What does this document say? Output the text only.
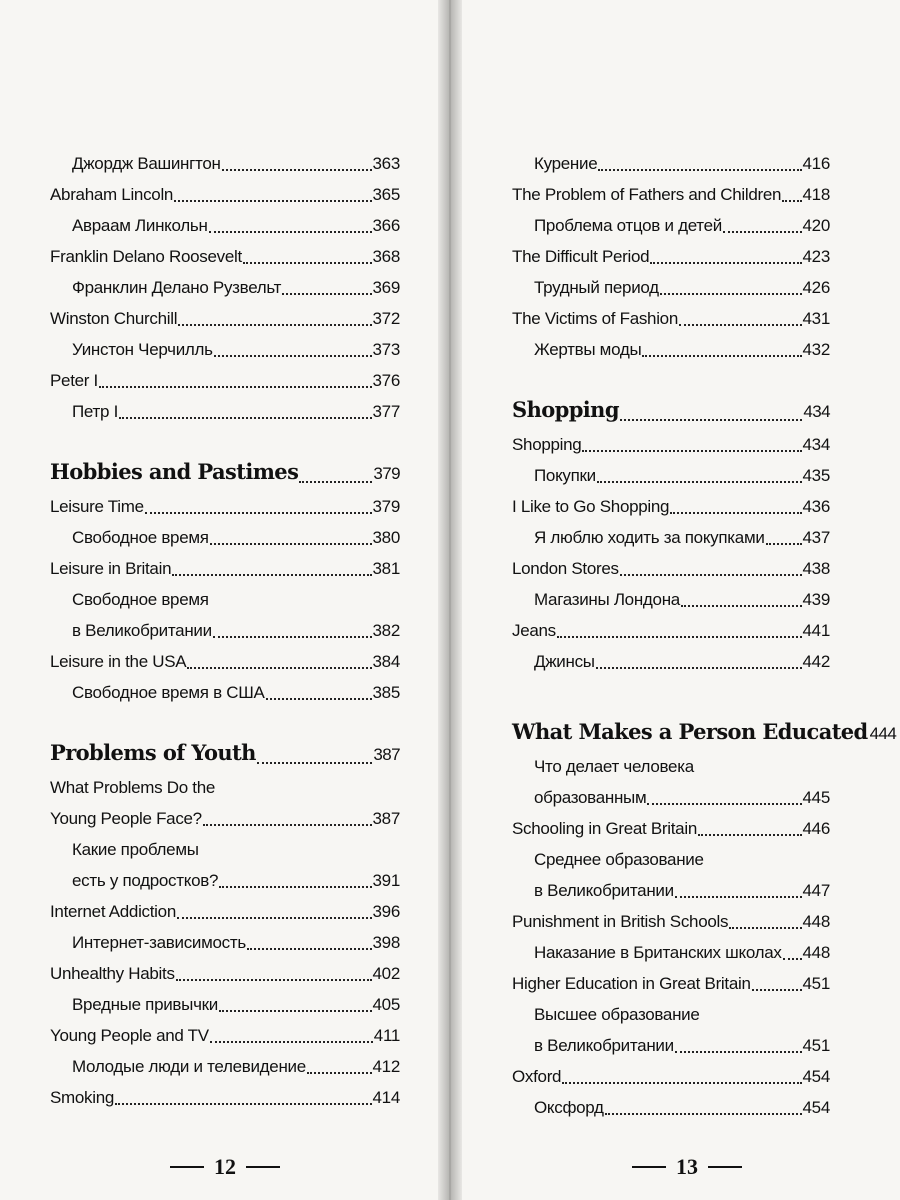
Джордж Вашингтон	363
Abraham Lincoln	365
Авраам Линкольн	366
Franklin Delano Roosevelt	368
Франклин Делано Рузвельт	369
Winston Churchill	372
Уинстон Черчилль	373
Peter I	376
Петр I	377
Hobbies and Pastimes	379
Leisure Time	379
Свободное время	380
Leisure in Britain	381
Свободное время
в Великобритании	382
Leisure in the USA	384
Свободное время в США	385
Problems of Youth	387
What Problems Do the
Young People Face?	387
Какие проблемы
есть у подростков?	391
Internet Addiction	396
Интернет-зависимость	398
Unhealthy Habits	402
Вредные привычки	405
Young People and TV	411
Молодые люди и телевидение	412
Smoking	414
12
Курение	416
The Problem of Fathers and Children 418
Проблема отцов и детей	420
The Difficult Period	423
Трудный период	426
The Victims of Fashion	431
Жертвы моды	432
Shopping	434
Shopping	434
Покупки	435
I Like to Go Shopping	436
Я люблю ходить за покупками 437
London Stores	438
Магазины Лондона	439
Jeans	441
Джинсы	442
What Makes a Person Educated 444
Что делает человека
образованным	445
Schooling in Great Britain	446
Среднее образование
в Великобритании	447
Punishment in British Schools	448
Наказание в Британских школах 448
Higher Education in Great Britain	451
Высшее образование
в Великобритании	451
Oxford	454
Оксфорд	454
13
